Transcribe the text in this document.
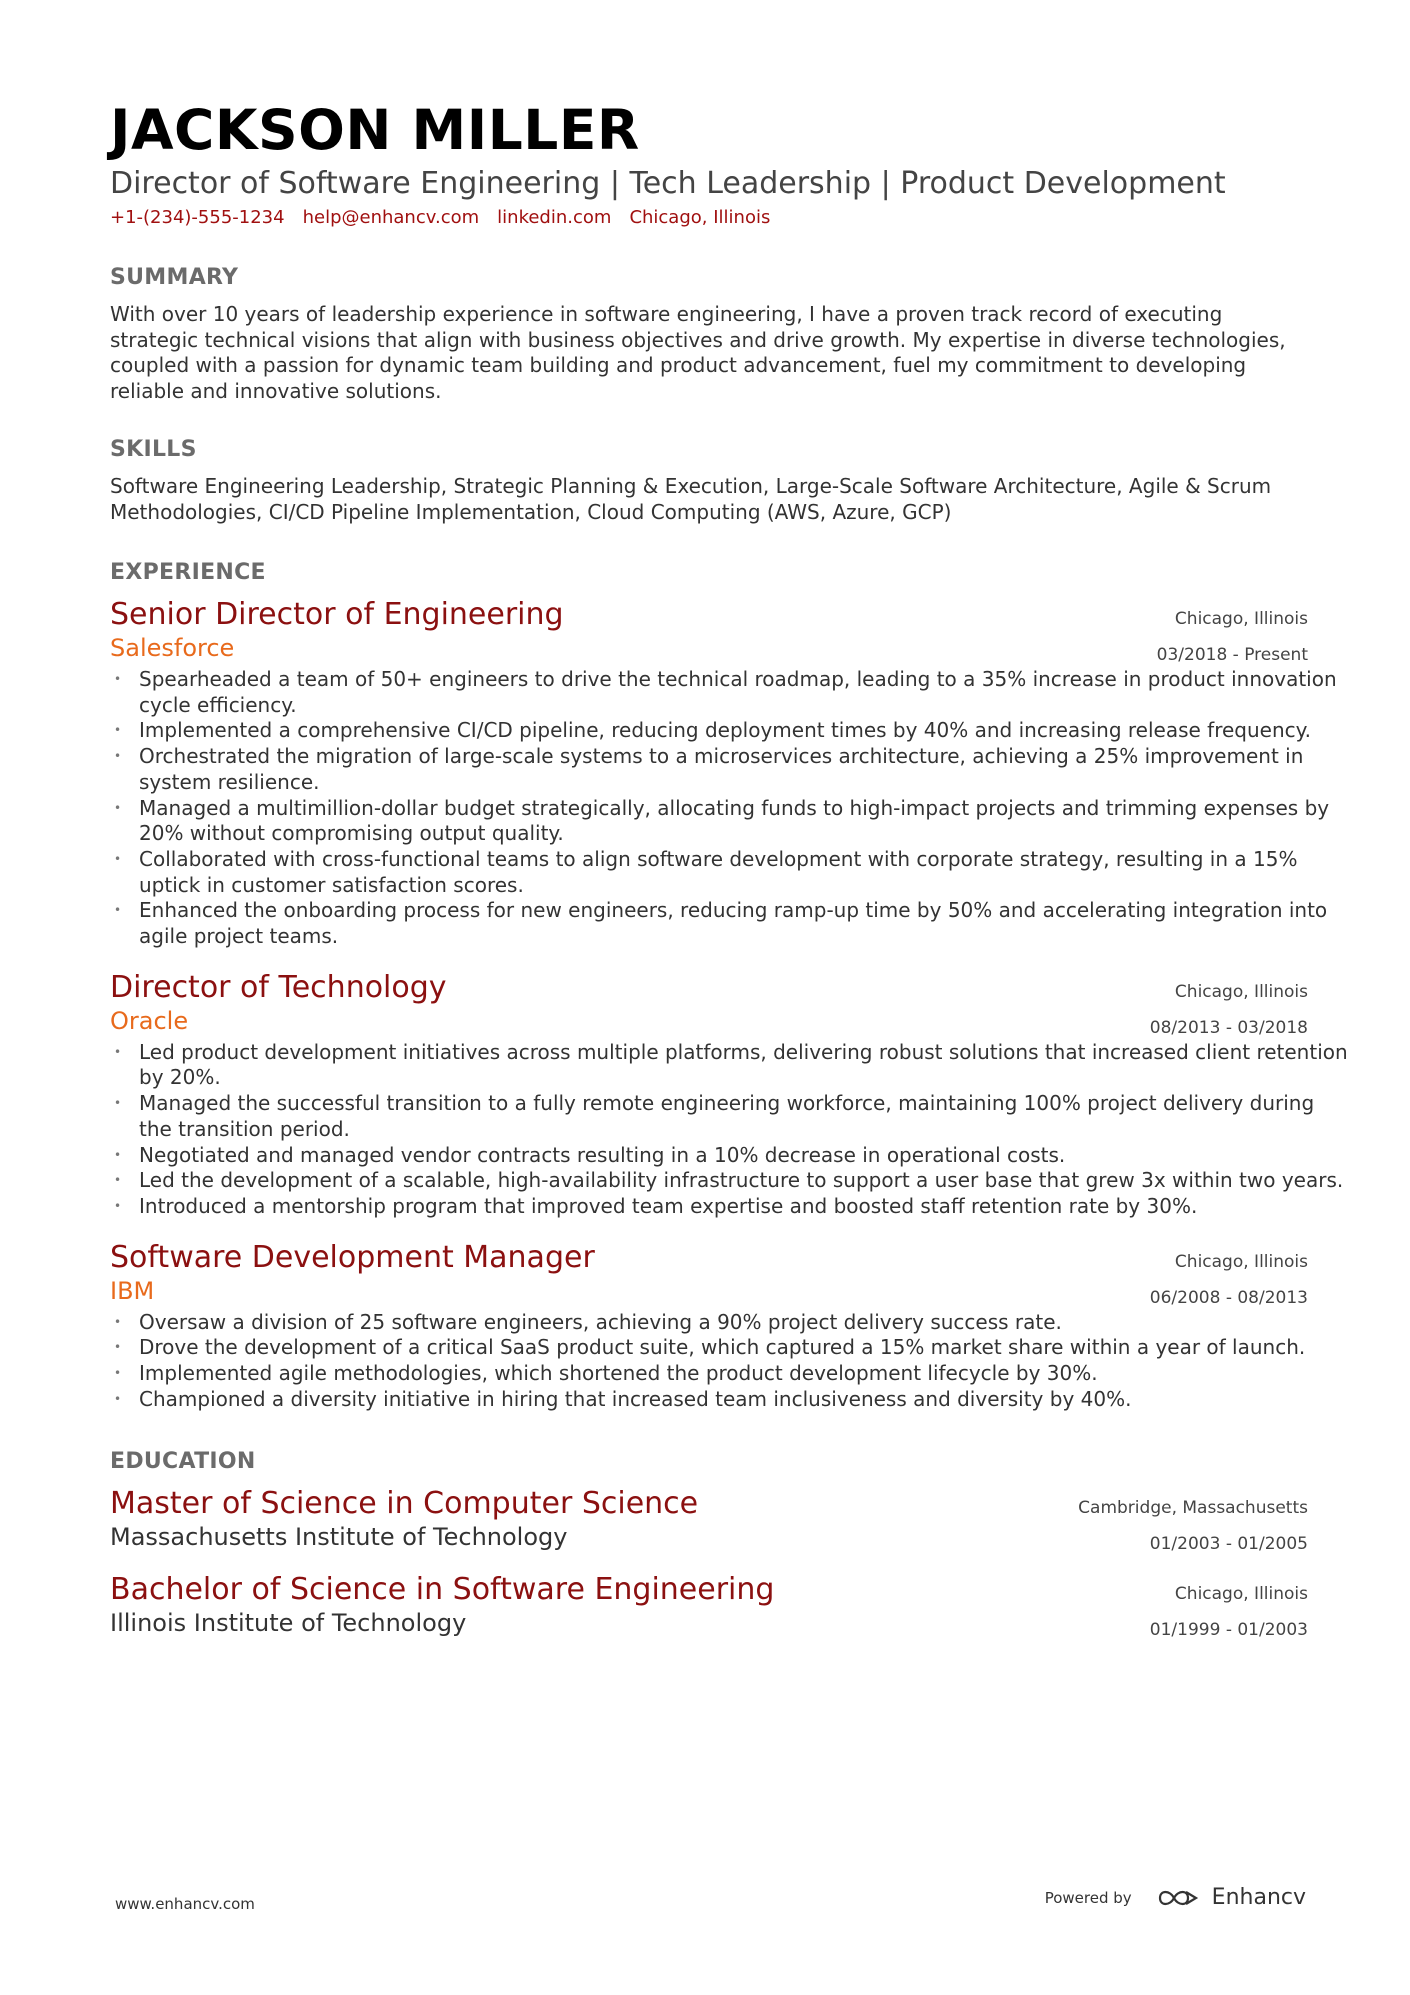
JACKSON MILLER
Director of Software Engineering | Tech Leadership | Product Development
+1-(234)-555-1234 help@enhancv.com linkedin.com Chicago, Illinois
SUMMARY
With over 10 years of leadership experience in software engineering, I have a proven track record of executing strategic technical visions that align with business objectives and drive growth. My expertise in diverse technologies, coupled with a passion for dynamic team building and product advancement, fuel my commitment to developing reliable and innovative solutions.
SKILLS
Software Engineering Leadership, Strategic Planning & Execution, Large-Scale Software Architecture, Agile & Scrum Methodologies, CI/CD Pipeline Implementation, Cloud Computing (AWS, Azure, GCP)
EXPERIENCE
Senior Director of Engineering
Salesforce
Chicago, Illinois
03/2018 - Present
• Spearheaded a team of 50+ engineers to drive the technical roadmap, leading to a 35% increase in product innovation cycle efficiency.
• Implemented a comprehensive CI/CD pipeline, reducing deployment times by 40% and increasing release frequency.
• Orchestrated the migration of large-scale systems to a microservices architecture, achieving a 25% improvement in system resilience.
• Managed a multimillion-dollar budget strategically, allocating funds to high-impact projects and trimming expenses by 20% without compromising output quality.
• Collaborated with cross-functional teams to align software development with corporate strategy, resulting in a 15% uptick in customer satisfaction scores.
• Enhanced the onboarding process for new engineers, reducing ramp-up time by 50% and accelerating integration into agile project teams.
Director of Technology
Oracle
Chicago, Illinois
08/2013 - 03/2018
• Led product development initiatives across multiple platforms, delivering robust solutions that increased client retention by 20%.
• Managed the successful transition to a fully remote engineering workforce, maintaining 100% project delivery during the transition period.
• Negotiated and managed vendor contracts resulting in a 10% decrease in operational costs.
• Led the development of a scalable, high-availability infrastructure to support a user base that grew 3x within two years.
• Introduced a mentorship program that improved team expertise and boosted staff retention rate by 30%.
Software Development Manager
IBM
Chicago, Illinois
06/2008 - 08/2013
• Oversaw a division of 25 software engineers, achieving a 90% project delivery success rate.
• Drove the development of a critical SaaS product suite, which captured a 15% market share within a year of launch.
• Implemented agile methodologies, which shortened the product development lifecycle by 30%.
• Championed a diversity initiative in hiring that increased team inclusiveness and diversity by 40%.
EDUCATION
Master of Science in Computer Science
Massachusetts Institute of Technology
Cambridge, Massachusetts
01/2003 - 01/2005
Bachelor of Science in Software Engineering
Illinois Institute of Technology
Chicago, Illinois
01/1999 - 01/2003
www.enhancv.com	Powered by	Enhancv
